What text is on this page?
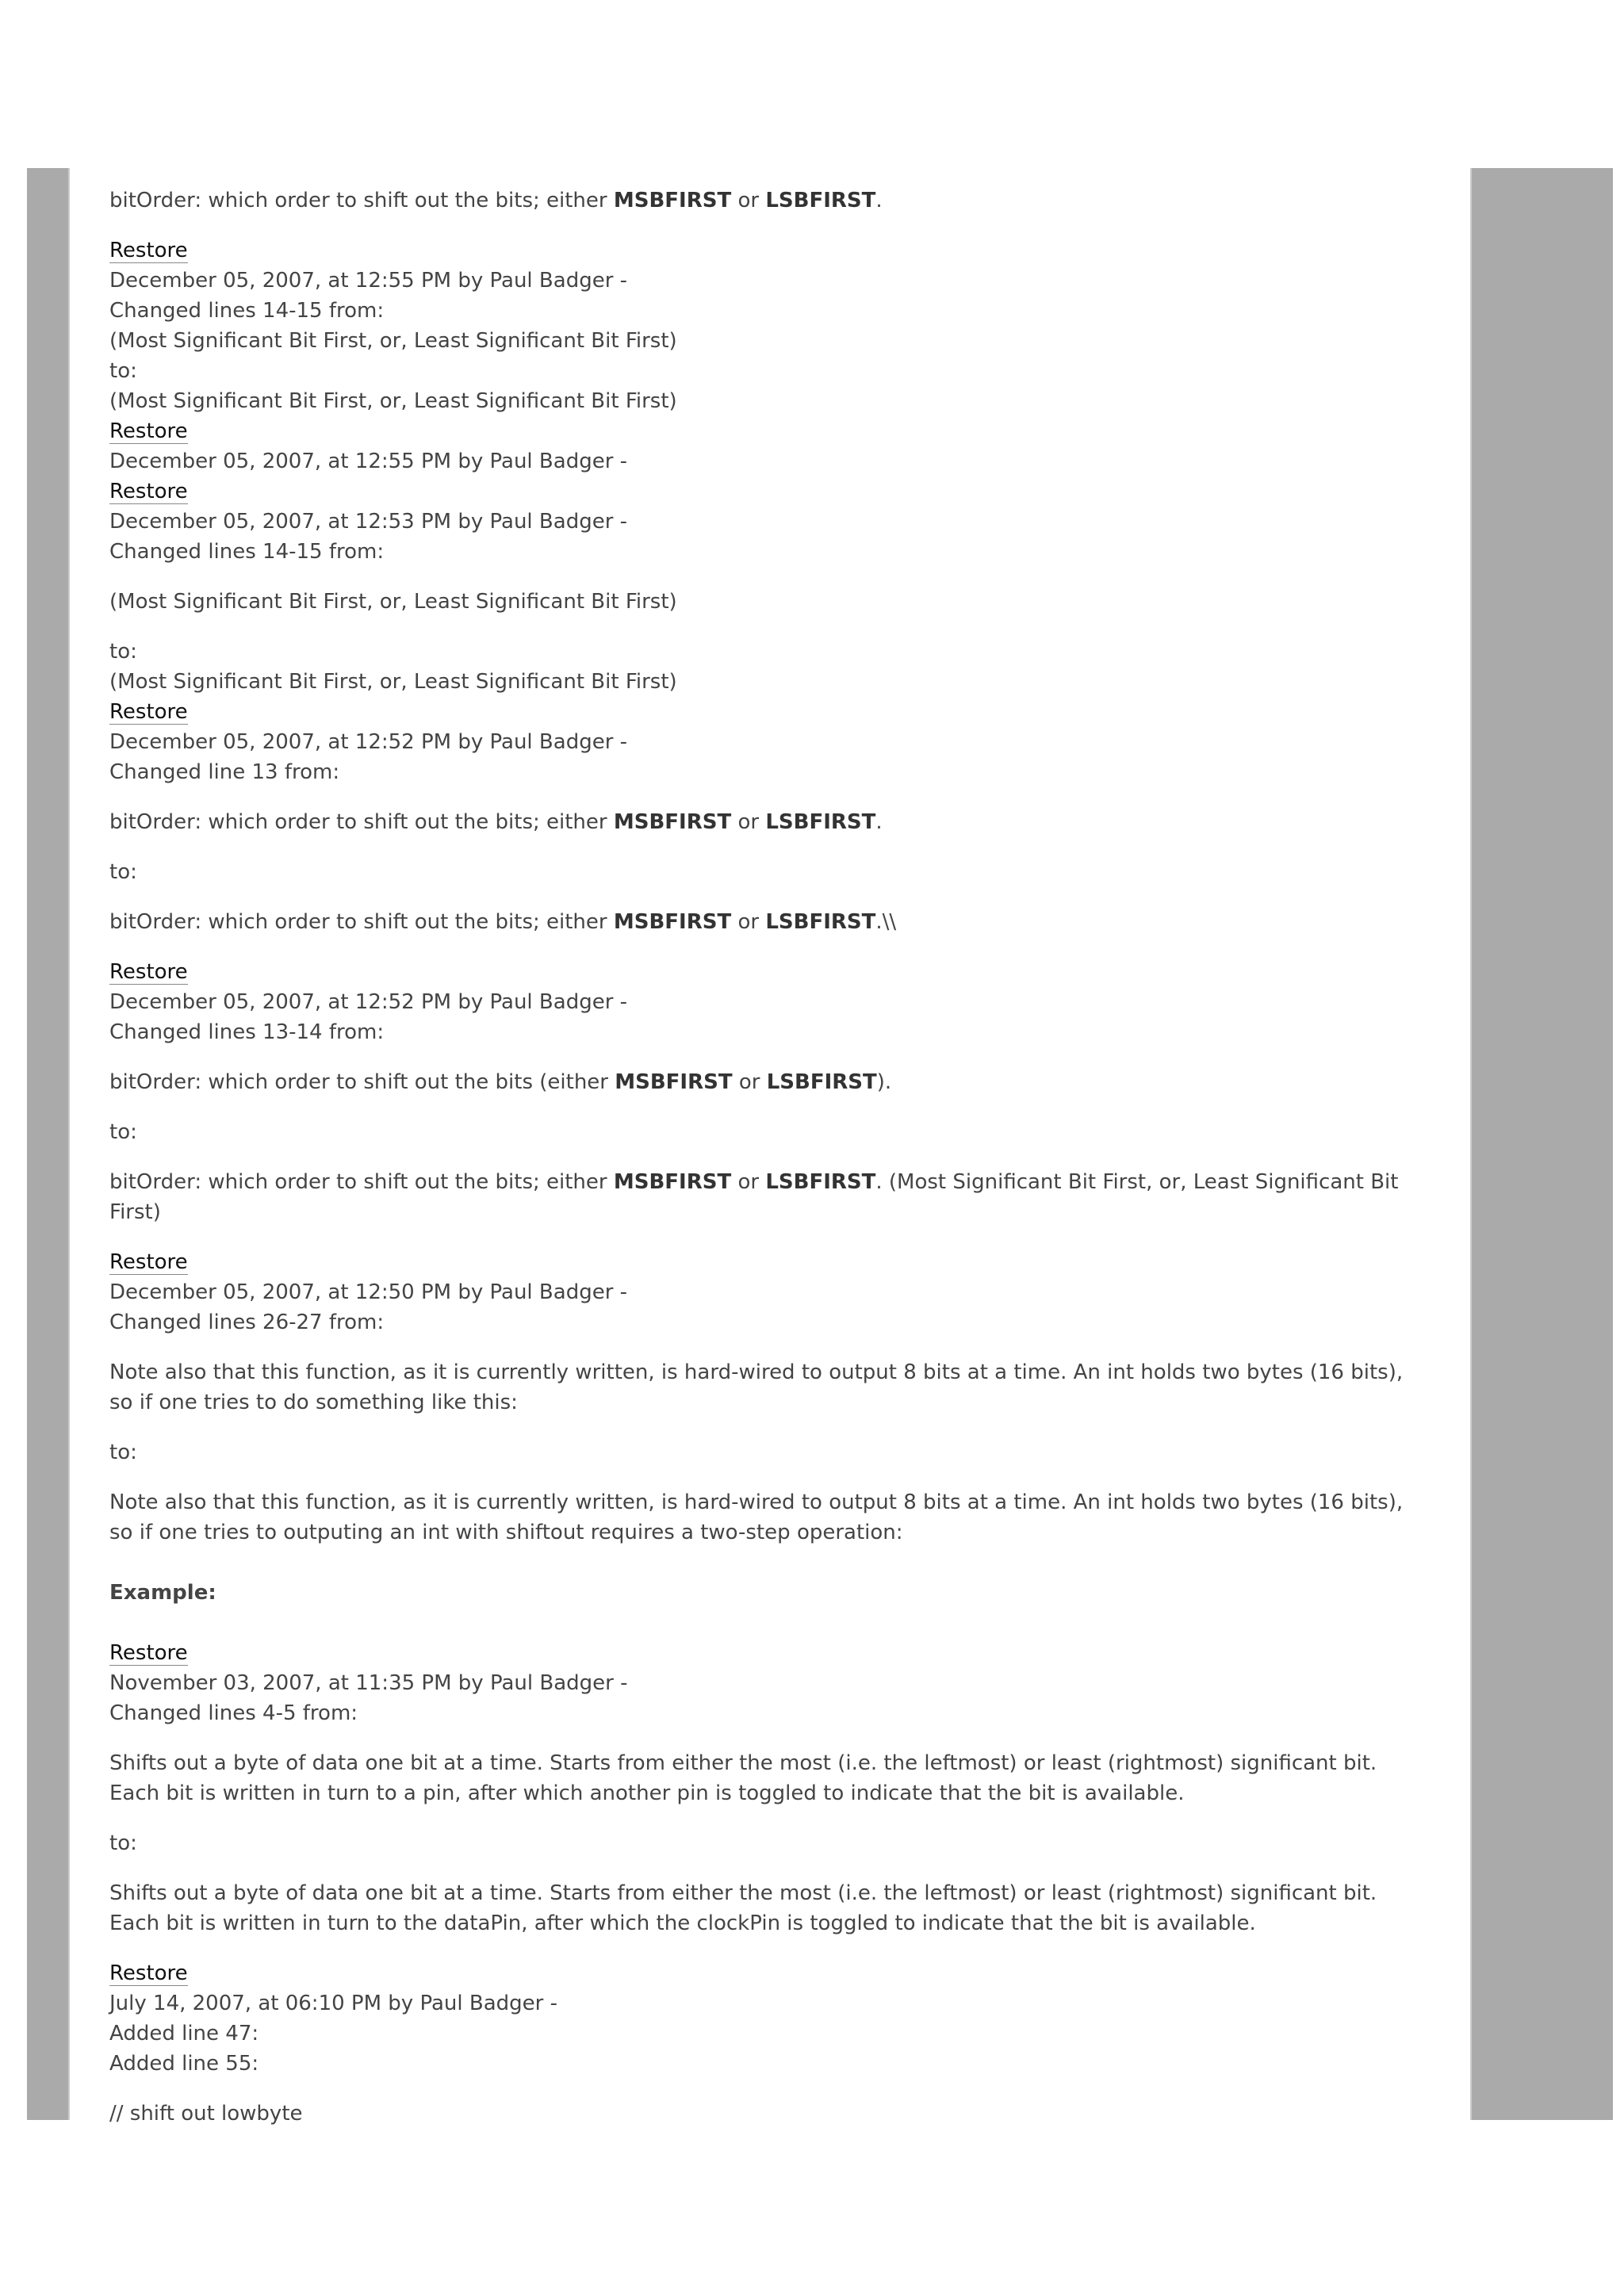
bitOrder: which order to shift out the bits; either MSBFIRST or LSBFIRST.

Restore
December 05, 2007, at 12:55 PM by Paul Badger -
Changed lines 14-15 from:
(Most Significant Bit First, or, Least Significant Bit First)
to:
(Most Significant Bit First, or, Least Significant Bit First)
Restore
December 05, 2007, at 12:55 PM by Paul Badger -
Restore
December 05, 2007, at 12:53 PM by Paul Badger -
Changed lines 14-15 from:

(Most Significant Bit First, or, Least Significant Bit First)

to:
(Most Significant Bit First, or, Least Significant Bit First)
Restore
December 05, 2007, at 12:52 PM by Paul Badger -
Changed line 13 from:

bitOrder: which order to shift out the bits; either MSBFIRST or LSBFIRST.

to:

bitOrder: which order to shift out the bits; either MSBFIRST or LSBFIRST.\\

Restore
December 05, 2007, at 12:52 PM by Paul Badger -
Changed lines 13-14 from:

bitOrder: which order to shift out the bits (either MSBFIRST or LSBFIRST).

to:

bitOrder: which order to shift out the bits; either MSBFIRST or LSBFIRST. (Most Significant Bit First, or, Least Significant Bit First)

Restore
December 05, 2007, at 12:50 PM by Paul Badger -
Changed lines 26-27 from:

Note also that this function, as it is currently written, is hard-wired to output 8 bits at a time. An int holds two bytes (16 bits), so if one tries to do something like this:

to:

Note also that this function, as it is currently written, is hard-wired to output 8 bits at a time. An int holds two bytes (16 bits), so if one tries to outputing an int with shiftout requires a two-step operation:

Example:

Restore
November 03, 2007, at 11:35 PM by Paul Badger -
Changed lines 4-5 from:

Shifts out a byte of data one bit at a time. Starts from either the most (i.e. the leftmost) or least (rightmost) significant bit. Each bit is written in turn to a pin, after which another pin is toggled to indicate that the bit is available.

to:

Shifts out a byte of data one bit at a time. Starts from either the most (i.e. the leftmost) or least (rightmost) significant bit. Each bit is written in turn to the dataPin, after which the clockPin is toggled to indicate that the bit is available.

Restore
July 14, 2007, at 06:10 PM by Paul Badger -
Added line 47:
Added line 55:

// shift out lowbyte
